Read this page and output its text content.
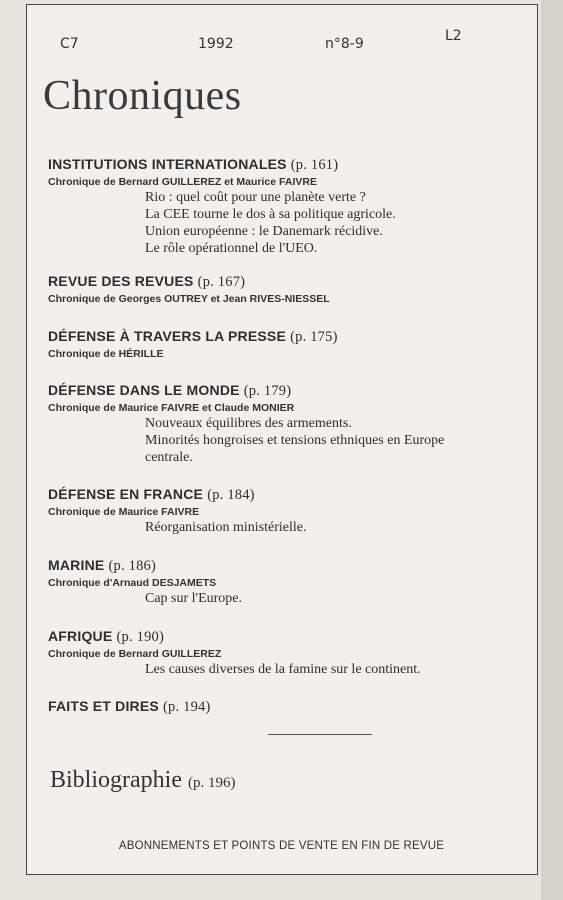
C7	1992	n°8-9	L2
Chroniques
INSTITUTIONS INTERNATIONALES (p. 161)
Chronique de Bernard GUILLEREZ et Maurice FAIVRE
Rio : quel coût pour une planète verte ?
La CEE tourne le dos à sa politique agricole.
Union européenne : le Danemark récidive.
Le rôle opérationnel de l'UEO.
REVUE DES REVUES (p. 167)
Chronique de Georges OUTREY et Jean RIVES-NIESSEL
DÉFENSE À TRAVERS LA PRESSE (p. 175)
Chronique de HÉRILLE
DÉFENSE DANS LE MONDE (p. 179)
Chronique de Maurice FAIVRE et Claude MONIER
Nouveaux équilibres des armements.
Minorités hongroises et tensions ethniques en Europe centrale.
DÉFENSE EN FRANCE (p. 184)
Chronique de Maurice FAIVRE
Réorganisation ministérielle.
MARINE (p. 186)
Chronique d'Arnaud DESJAMETS
Cap sur l'Europe.
AFRIQUE (p. 190)
Chronique de Bernard GUILLEREZ
Les causes diverses de la famine sur le continent.
FAITS ET DIRES (p. 194)
Bibliographie (p. 196)
ABONNEMENTS ET POINTS DE VENTE EN FIN DE REVUE
